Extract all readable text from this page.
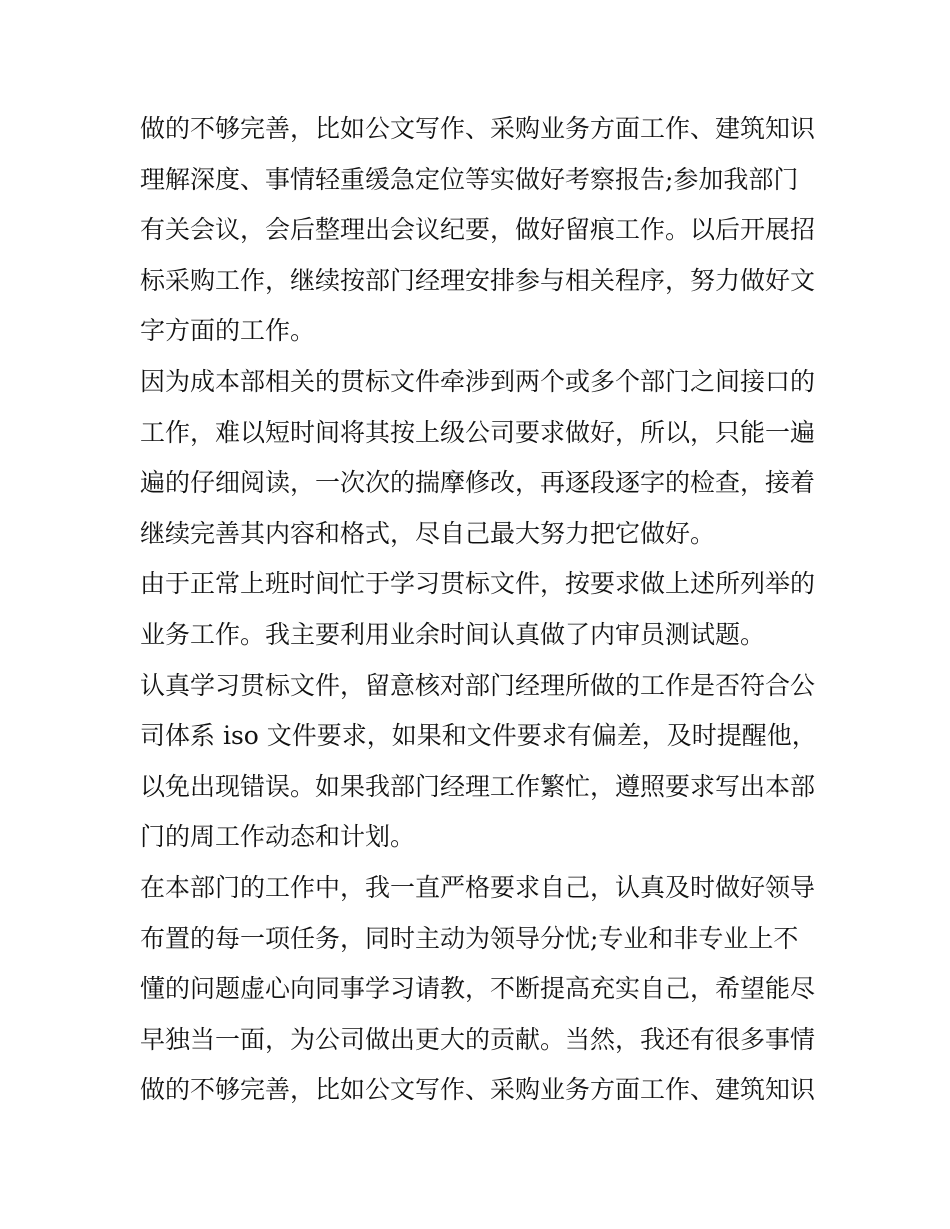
做的不够完善，比如公文写作、采购业务方面工作、建筑知识
理解深度、事情轻重缓急定位等实做好考察报告;参加我部门
有关会议，会后整理出会议纪要，做好留痕工作。以后开展招
标采购工作，继续按部门经理安排参与相关程序，努力做好文
字方面的工作。
因为成本部相关的贯标文件牵涉到两个或多个部门之间接口的
工作，难以短时间将其按上级公司要求做好，所以，只能一遍
遍的仔细阅读，一次次的揣摩修改，再逐段逐字的检查，接着
继续完善其内容和格式，尽自己最大努力把它做好。
由于正常上班时间忙于学习贯标文件，按要求做上述所列举的
业务工作。我主要利用业余时间认真做了内审员测试题。
认真学习贯标文件，留意核对部门经理所做的工作是否符合公
司体系 iso 文件要求，如果和文件要求有偏差，及时提醒他，
以免出现错误。如果我部门经理工作繁忙，遵照要求写出本部
门的周工作动态和计划。
在本部门的工作中，我一直严格要求自己，认真及时做好领导
布置的每一项任务，同时主动为领导分忧;专业和非专业上不
懂的问题虚心向同事学习请教，不断提高充实自己，希望能尽
早独当一面，为公司做出更大的贡献。当然，我还有很多事情
做的不够完善，比如公文写作、采购业务方面工作、建筑知识
